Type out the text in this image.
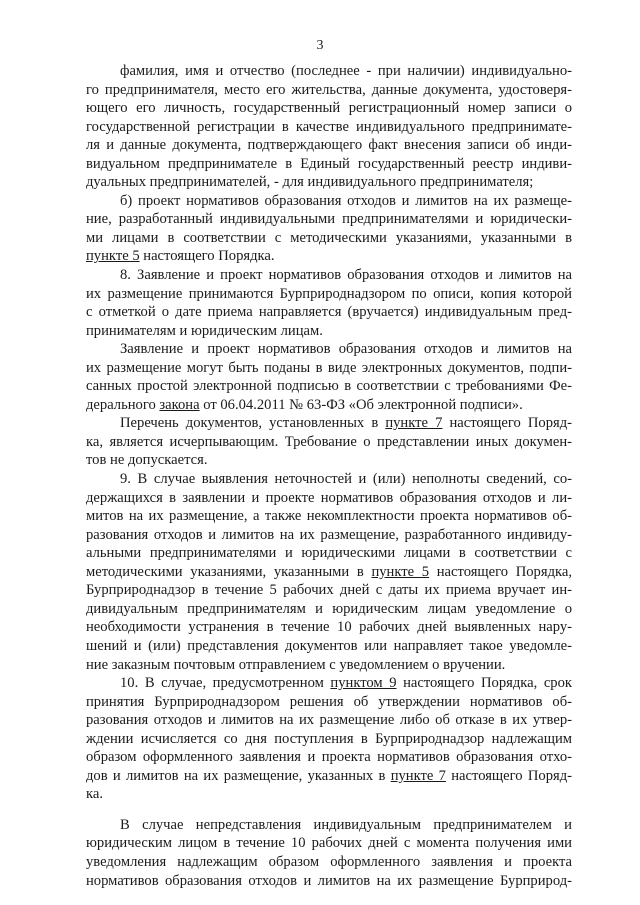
3
фамилия, имя и отчество (последнее - при наличии) индивидуально-
го предпринимателя, место его жительства, данные документа, удостоверя-
ющего его личность, государственный регистрационный номер записи о
государственной регистрации в качестве индивидуального предпринимате-
ля и данные документа, подтверждающего факт внесения записи об инди-
видуальном предпринимателе в Единый государственный реестр индиви-
дуальных предпринимателей, - для индивидуального предпринимателя;
б) проект нормативов образования отходов и лимитов на их размеще-
ние, разработанный индивидуальными предпринимателями и юридически-
ми лицами в соответствии с методическими указаниями, указанными в
пункте 5 настоящего Порядка.
8. Заявление и проект нормативов образования отходов и лимитов на
их размещение принимаются Бурприроднадзором по описи, копия которой
с отметкой о дате приема направляется (вручается) индивидуальным пред-
принимателям и юридическим лицам.
Заявление и проект нормативов образования отходов и лимитов на
их размещение могут быть поданы в виде электронных документов, подпи-
санных простой электронной подписью в соответствии с требованиями Фе-
дерального закона от 06.04.2011 № 63-ФЗ «Об электронной подписи».
Перечень документов, установленных в пункте 7 настоящего Поряд-
ка, является исчерпывающим. Требование о представлении иных докумен-
тов не допускается.
9. В случае выявления неточностей и (или) неполноты сведений, со-
держащихся в заявлении и проекте нормативов образования отходов и ли-
митов на их размещение, а также некомплектности проекта нормативов об-
разования отходов и лимитов на их размещение, разработанного индивиду-
альными предпринимателями и юридическими лицами в соответствии с
методическими указаниями, указанными в пункте 5 настоящего Порядка,
Бурприроднадзор в течение 5 рабочих дней с даты их приема вручает ин-
дивидуальным предпринимателям и юридическим лицам уведомление о
необходимости устранения в течение 10 рабочих дней выявленных нару-
шений и (или) представления документов или направляет такое уведомле-
ние заказным почтовым отправлением с уведомлением о вручении.
10. В случае, предусмотренном пунктом 9 настоящего Порядка, срок
принятия Бурприроднадзором решения об утверждении нормативов об-
разования отходов и лимитов на их размещение либо об отказе в их утвер-
ждении исчисляется со дня поступления в Бурприроднадзор надлежащим
образом оформленного заявления и проекта нормативов образования отхо-
дов и лимитов на их размещение, указанных в пункте 7 настоящего Поряд-
ка.
В случае непредставления индивидуальным предпринимателем и
юридическим лицом в течение 10 рабочих дней с момента получения ими
уведомления надлежащим образом оформленного заявления и проекта
нормативов образования отходов и лимитов на их размещение Бурприрод-
